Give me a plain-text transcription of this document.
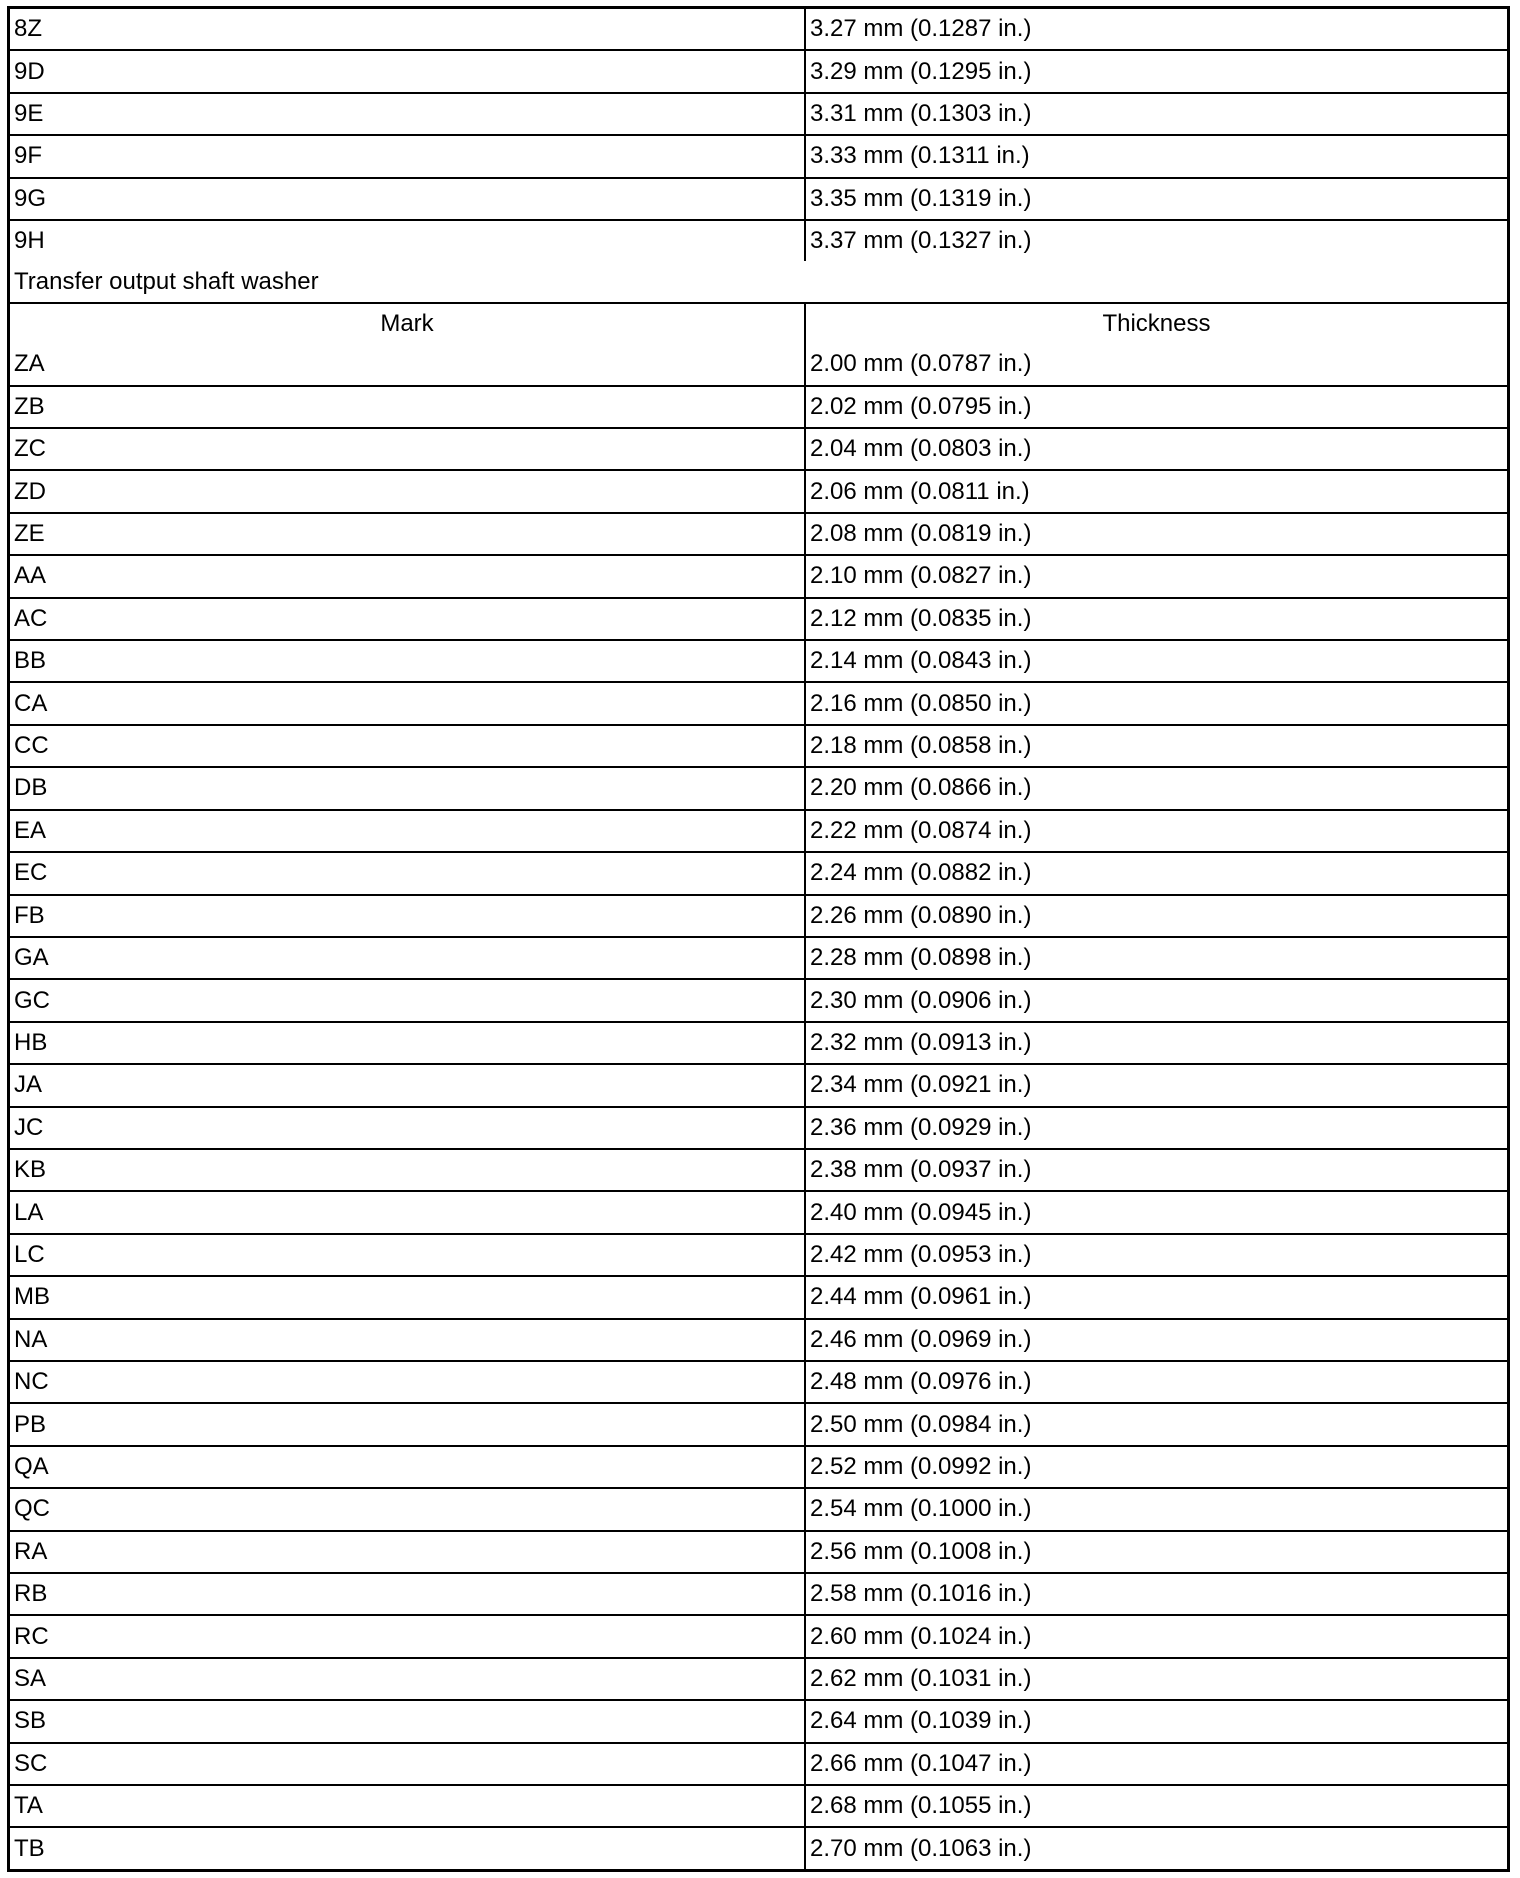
8Z	3.27 mm (0.1287 in.)
9D	3.29 mm (0.1295 in.)
9E	3.31 mm (0.1303 in.)
9F	3.33 mm (0.1311 in.)
9G	3.35 mm (0.1319 in.)
9H	3.37 mm (0.1327 in.)
Transfer output shaft washer	
Mark	Thickness
ZA	2.00 mm (0.0787 in.)
ZB	2.02 mm (0.0795 in.)
ZC	2.04 mm (0.0803 in.)
ZD	2.06 mm (0.0811 in.)
ZE	2.08 mm (0.0819 in.)
AA	2.10 mm (0.0827 in.)
AC	2.12 mm (0.0835 in.)
BB	2.14 mm (0.0843 in.)
CA	2.16 mm (0.0850 in.)
CC	2.18 mm (0.0858 in.)
DB	2.20 mm (0.0866 in.)
EA	2.22 mm (0.0874 in.)
EC	2.24 mm (0.0882 in.)
FB	2.26 mm (0.0890 in.)
GA	2.28 mm (0.0898 in.)
GC	2.30 mm (0.0906 in.)
HB	2.32 mm (0.0913 in.)
JA	2.34 mm (0.0921 in.)
JC	2.36 mm (0.0929 in.)
KB	2.38 mm (0.0937 in.)
LA	2.40 mm (0.0945 in.)
LC	2.42 mm (0.0953 in.)
MB	2.44 mm (0.0961 in.)
NA	2.46 mm (0.0969 in.)
NC	2.48 mm (0.0976 in.)
PB	2.50 mm (0.0984 in.)
QA	2.52 mm (0.0992 in.)
QC	2.54 mm (0.1000 in.)
RA	2.56 mm (0.1008 in.)
RB	2.58 mm (0.1016 in.)
RC	2.60 mm (0.1024 in.)
SA	2.62 mm (0.1031 in.)
SB	2.64 mm (0.1039 in.)
SC	2.66 mm (0.1047 in.)
TA	2.68 mm (0.1055 in.)
TB	2.70 mm (0.1063 in.)
